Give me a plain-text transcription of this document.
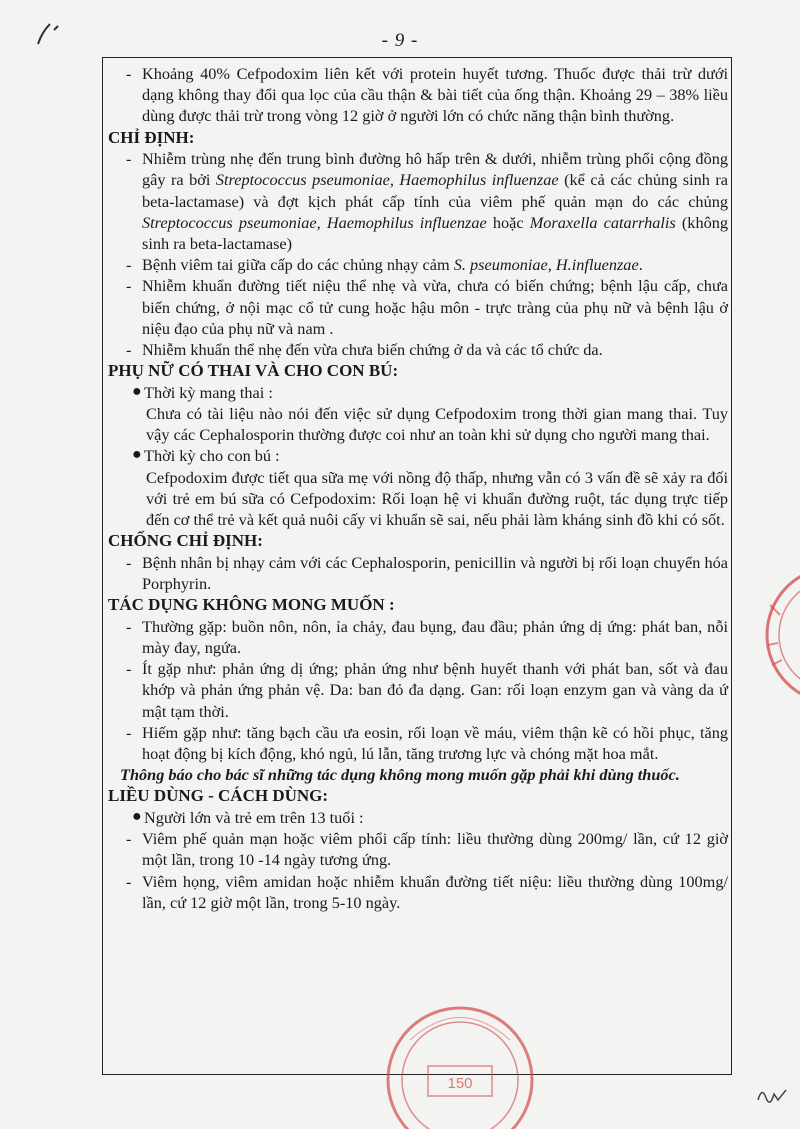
- 9 -

- Khoảng 40% Cefpodoxim liên kết với protein huyết tương. Thuốc được thải trừ dưới dạng không thay đổi qua lọc của cầu thận & bài tiết của ống thận. Khoảng 29 – 38% liều dùng được thải trừ trong vòng 12 giờ ở người lớn có chức năng thận bình thường.

CHỈ ĐỊNH:

- Nhiễm trùng nhẹ đến trung bình đường hô hấp trên & dưới, nhiễm trùng phổi cộng đồng gây ra bởi Streptococcus pseumoniae, Haemophilus influenzae (kể cả các chủng sinh ra beta-lactamase) và đợt kịch phát cấp tính của viêm phế quản mạn do các chủng Streptococcus pseumoniae, Haemophilus influenzae hoặc Moraxella catarrhalis (không sinh ra beta-lactamase)

- Bệnh viêm tai giữa cấp do các chủng nhạy cảm S. pseumoniae, H.influenzae.

- Nhiễm khuẩn đường tiết niệu thể nhẹ và vừa, chưa có biến chứng; bệnh lậu cấp, chưa biến chứng, ở nội mạc cổ tử cung hoặc hậu môn - trực tràng của phụ nữ và bệnh lậu ở niệu đạo của phụ nữ và nam .

- Nhiễm khuẩn thể nhẹ đến vừa chưa biến chứng ở da và các tổ chức da.

PHỤ NỮ CÓ THAI VÀ CHO CON BÚ:

● Thời kỳ mang thai :

Chưa có tài liệu nào nói đến việc sử dụng Cefpodoxim trong thời gian mang thai. Tuy vậy các Cephalosporin thường được coi như an toàn khi sử dụng cho người mang thai.

● Thời kỳ cho con bú :

Cefpodoxim được tiết qua sữa mẹ với nồng độ thấp, nhưng vẫn có 3 vấn đề sẽ xảy ra đối với trẻ em bú sữa có Cefpodoxim: Rối loạn hệ vi khuẩn đường ruột, tác dụng trực tiếp đến cơ thể trẻ và kết quả nuôi cấy vi khuẩn sẽ sai, nếu phải làm kháng sinh đồ khi có sốt.

CHỐNG CHỈ ĐỊNH:

- Bệnh nhân bị nhạy cảm với các Cephalosporin, penicillin và người bị rối loạn chuyển hóa Porphyrin.

TÁC DỤNG KHÔNG MONG MUỐN :

- Thường gặp: buồn nôn, nôn, ỉa chảy, đau bụng, đau đầu; phản ứng dị ứng: phát ban, nỗi mày đay, ngứa.

- Ít gặp như: phản ứng dị ứng; phản ứng như bệnh huyết thanh với phát ban, sốt và đau khớp và phản ứng phản vệ. Da: ban đỏ đa dạng. Gan: rối loạn enzym gan và vàng da ứ mật tạm thời.

- Hiếm gặp như: tăng bạch cầu ưa eosin, rối loạn về máu, viêm thận kẽ có hồi phục, tăng hoạt động bị kích động, khó ngủ, lú lẫn, tăng trương lực và chóng mặt hoa mắt.

Thông báo cho bác sĩ những tác dụng không mong muốn gặp phải khi dùng thuốc.

LIỀU DÙNG - CÁCH DÙNG:

● Người lớn và trẻ em trên 13 tuổi :

- Viêm phế quản mạn hoặc viêm phổi cấp tính: liều thường dùng 200mg/ lần, cứ 12 giờ một lần, trong 10 -14 ngày tương ứng.

- Viêm họng, viêm amidan hoặc nhiễm khuẩn đường tiết niệu: liều thường dùng 100mg/ lần, cứ 12 giờ một lần, trong 5-10 ngày.

150
